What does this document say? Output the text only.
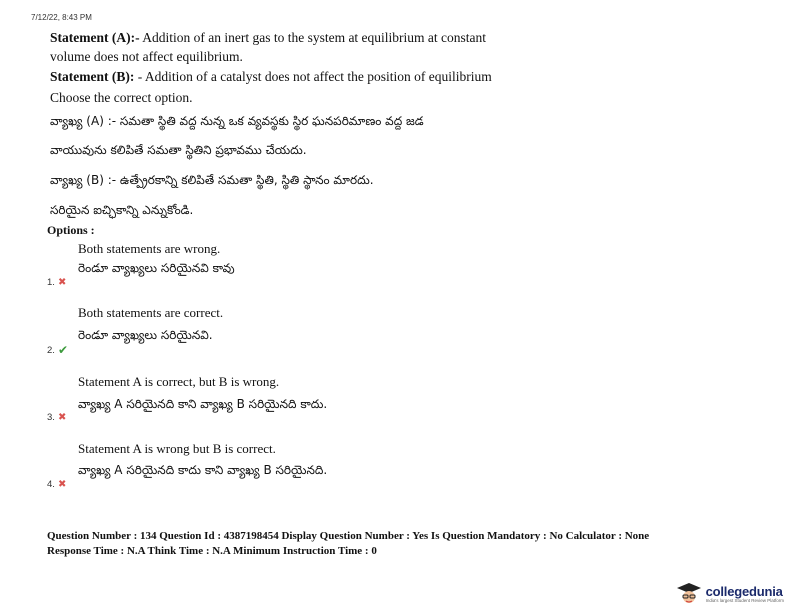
7/12/22, 8:43 PM
Statement (A):- Addition of an inert gas to the system at equilibrium at constant
volume does not affect equilibrium.
Statement (B): - Addition of a catalyst does not affect the position of equilibrium
Choose the correct option.
వ్యాఖ్య (A) :- సమతా స్థితి వద్ద నున్న ఒక వ్యవస్థకు స్థిర ఘనపరిమాణం వద్ద జడ
వాయువును కలిపితే సమతా స్థితిని ప్రభావము చేయదు.
వ్యాఖ్య (B) :- ఉత్ప్రేరకాన్ని కలిపితే సమతా స్థితి, స్థితి స్థానం మారదు.
సరియైన ఐచ్ఛికాన్ని ఎన్నుకోండి.
Options :
Both statements are wrong.
రెండూ వ్యాఖ్యలు సరియైనవి కావు
1. ✖
Both statements are correct.
రెండూ వ్యాఖ్యలు సరియైనవి.
2. ✔
Statement A is correct, but B is wrong.
వ్యాఖ్య A సరియైనది కాని వ్యాఖ్య B సరియైనది కాదు.
3. ✖
Statement A is wrong but B is correct.
వ్యాఖ్య A సరియైనది కాదు కాని వ్యాఖ్య B సరియైనది.
4. ✖
Question Number : 134 Question Id : 4387198454 Display Question Number : Yes Is Question Mandatory : No Calculator : None
Response Time : N.A Think Time : N.A Minimum Instruction Time : 0
collegedunia
India's largest Student Review Platform
